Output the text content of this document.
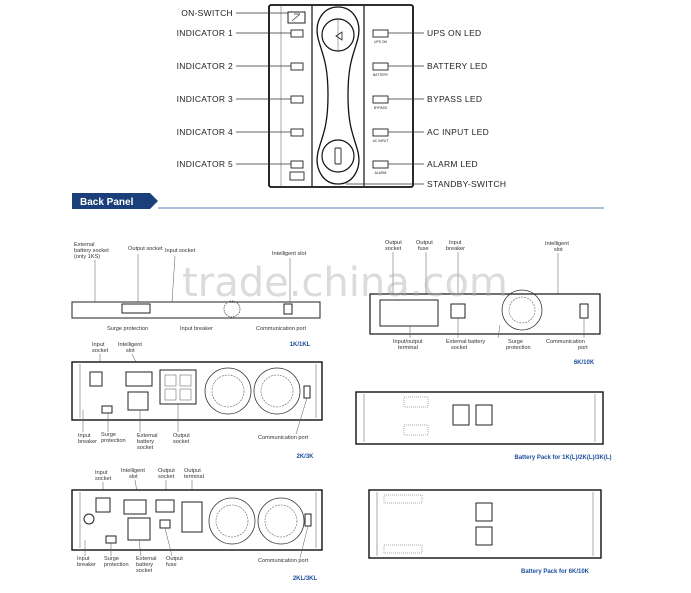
UPS ON
BATTERY
BYPASS
AC INPUT
ALARM
ON-SWITCH
INDICATOR 1
INDICATOR 2
INDICATOR 3
INDICATOR 4
INDICATOR 5
UPS ON LED
BATTERY LED
BYPASS LED
AC INPUT LED
ALARM LED
STANDBY-SWITCH
Back Panel
External
battery socket
(only 1KS)
Output socket Input socket	Intelligent slot
Surge protection	Input breaker	Communication port
1K/1KL
Input
socket
Intelligent
slot
Input
breaker
Surge
protection
External
battery
socket
Output
socket
Communication port
2K/3K
Input
socket
Intelligent
slot
Output
socket
Output
terminal
Input
breaker
Surge
protection
External
battery
socket
Output
fuse
Communication port
2KL/3KL
Output
socket
Output
fuse
Input
breaker
Intelligent
slot
Input/output
terminal
External battery
socket
Surge
protection
Communication
port
6K/10K
Battery Pack for 1K(L)/2K(L)/3K(L)
Battery Pack for 6K/10K
trade.china.com
